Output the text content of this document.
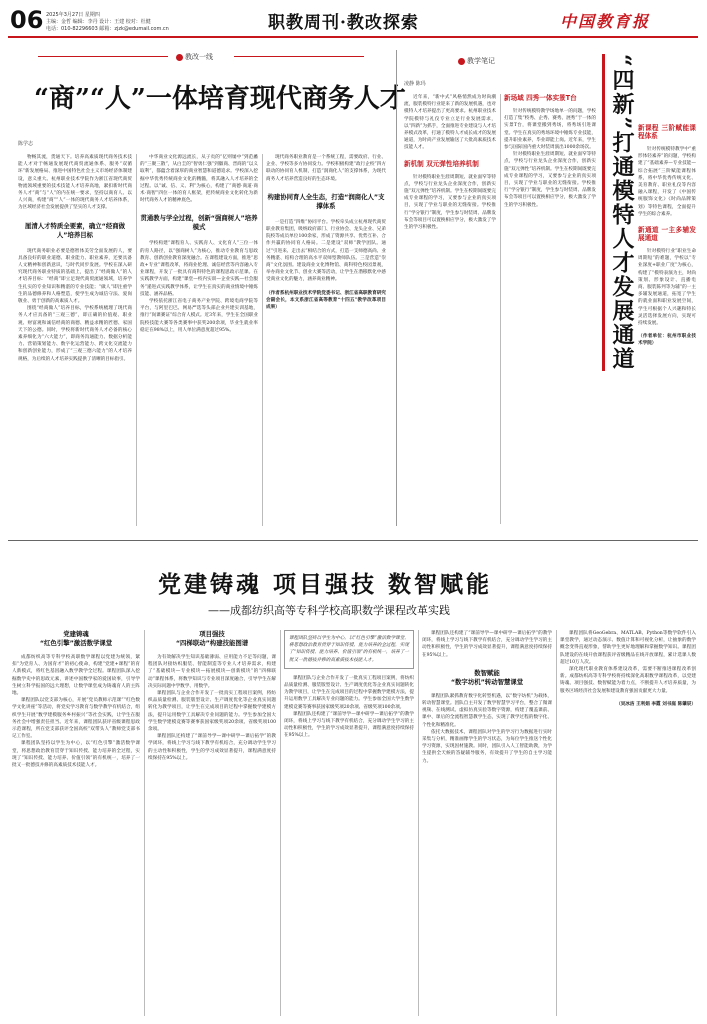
06 2025年3月27日 星期四
主编：金哲 编辑：李丹 设计：王建 校对：杜健
电话：010-82296603 邮箱：zjzk@edumail.com.cn	职教周刊·教改探索	中国教育报
教改一线
“商”“人”一体培育现代商务人才
陈学志
物畅其流，货通天下。培养高素质现代商务技术技能人才对于畅通发展现代商贸流通体系、服务“双循环”新发展格局、推进中国特色社会主义市场经济体制建设，意义重大。杭州职业技术学院作为浙江省现代商贸物流领域重要的技术技能人才培养高地，紧扣新时代商务人才“商”与“人”的内在统一要求，坚持以商育人、以人兴商，构建“商”“人”一体的现代商务人才培养体系，为区域经济社会发展提供了坚实的人才支撑。
厘清人才特质全要素，确立“经商做人”培养目标
现代商务职业必要是德智体美劳全面发展的人，要具备良好的职业道德、职业能力、职业素养，还要具备人文精神和创新意识，与时代同步发展。学校在深入研究现代商务职业特质的基础上，提出了“经商做人”的人才培养目标：“经商”即立足现代商贸流通领域，培养学生扎实的专业知识和精湛的专业技能；“做人”即注重学生的品德修养和人格塑造，使学生成为诚信守法、爱岗敬业、勇于创新的高素质人才。
围绕“经商做人”培养目标，学校系统梳理了现代商务人才应具备的“三观三德”，即正确的价值观、职业观、财富观和诚信经商的商德、精益求精的匠德、家国天下的公德。同时，学校将新时代商务人才必备的核心素养细化为“六大能力”，即商务沟通能力、数据分析能力、营销策划能力、数字化运营能力、跨文化交流能力和创新创业能力，形成了“三观三德六能力”的人才培养规格，为后续的人才培养实践提供了清晰的目标指引。
中华商业文化源远流长，从子贡的“亿则屡中”到范蠡的“三聚三散”，从白圭的“智勇仁强”到徽商、晋商的“以义取利”，都蕴含着深厚的商业智慧和道德追求。学校深入挖掘中华优秀传统商业文化的精髓，将其融入人才培养的全过程。以“诚、信、义、利”为核心，构建了“商德·商道·商术·商智”四位一体的育人框架，把传统商业文化转化为新时代商务人才的精神底色。
贯通教与学全过程，创新“强商树人”培养模式
学校构建“课程育人、实践育人、文化育人”三位一体的育人路径，以“强商树人”为核心，推动专业教育与思政教育、创新创业教育深度融合。在课程建设方面，推进“思政+专业”课程改革，将商业伦理、诚信经营等内容融入专业课程，开发了一批具有商科特色的课程思政示范课。在实践教学方面，构建“课堂—校内实训—企业实践—社会服务”递进式实践教学体系，让学生在真实的商业情境中锤炼技能、涵养品格。
学校依托浙江省电子商务产业学院、跨境电商学院等平台，与阿里巴巴、网易严选等头部企业共建实训基地，推行“岗课赛证”综合育人模式。近3年来，学生在全国职业院校技能大赛等各类赛事中获奖200余项，毕业生就业率稳定在98%以上，用人单位满意度超过95%。
现代商务职业教育是一个系统工程，需要政府、行业、企业、学校等多方协同发力。学校积极构建“政行企校”四方联动的协同育人机制，打造“润商化人”的支撑体系，为现代商务人才培养营造良好的生态环境。
构建协同育人全生态，打造“润商化人”支撑体系
一是打造“四维”协同平台。学校牵头成立杭州现代商贸职业教育集团，吸纳政府部门、行业协会、龙头企业、兄弟院校等成员单位100余家，形成了资源共享、优势互补、合作共赢的协同育人格局。二是建设“双师”教学团队。通过“引进来、走出去”相结合的方式，打造一支师德高尚、业务精湛、结构合理的高水平双师型教师队伍。三是营造“崇商”文化氛围。建设商业文化博物馆、商科特色校园景观，举办商业文化节、创业大赛等活动，让学生在潜移默化中感受商业文化的魅力，涵养商业精神。
（作者系杭州职业技术学院党委书记、浙江省高职教育研究会副会长，本文系浙江省高等教育“十四五”教学改革项目成果）
教学笔记
凌静 陈玛
近年来，“新中式”风格悄然成为时尚潮流，服装模特行业迎来了新的发展机遇，也对模特人才培养提出了更高要求。杭州职业技术学院模特与礼仪专业立足行业发展需求，以“四新”为抓手，全面推进专业建设与人才培养模式改革，打通了模特人才成长成才的发展通道，为时尚产业发展输送了大批高素质技术技能人才。
新机制 双元弹性培养机制
针对模特职业生涯周期短、就业面窄等特点，学校与行业龙头企业深度合作，创新实施“双元弹性”培养机制。学生在校期间既要完成专业课程的学习，又要参与企业的真实项目，实现了学业与职业的无缝衔接。学校推行“学分银行”制度，学生参与时装周、品牌发布会等项目可以置换相应学分，极大激发了学生的学习积极性。
新场域 四秀一体实景T台
针对传统模特教学场地单一的问题，学校打造了集“校秀、企秀、赛秀、展秀”于一体的实景T台，将课堂搬到秀场，将秀场引进课堂。学生在真实的秀场环境中锤炼专业技能，提升职业素养，毕业即能上岗。近年来，学生参与国际国内重大时装周演出1000余场次。
针对模特职业生涯周期短、就业面窄等特点，学校与行业龙头企业深度合作，创新实施“双元弹性”培养机制。学生在校期间既要完成专业课程的学习，又要参与企业的真实项目，实现了学业与职业的无缝衔接。学校推行“学分银行”制度，学生参与时装周、品牌发布会等项目可以置换相应学分，极大激发了学生的学习积极性。	“四新”打通模特人才发展通道 新课程 三阶赋能课程体系
针对传统模特教学中“重形体轻素养”的问题，学校构建了“基础素养—专业技能—综合拓展”三阶赋能课程体系，将中华优秀传统文化、美育教育、职业礼仪等内容融入课程，开发了《中国传统服饰文化》《时尚品牌策划》等特色课程，全面提升学生的综合素养。
新通道 一主多辅发展通道
针对模特行业“职业生命周期短”的难题，学校以“专业深度+职业广度”为核心，构建了“模特表演为主，时尚策划、形象设计、直播电商、服装陈列等为辅”的一主多辅发展通道，拓宽了学生的就业面和职业发展空间，学生可根据个人兴趣和特长灵活选择发展方向，实现可持续发展。
（作者单位：杭州市职业技术学院）
党建铸魂 项目强技 数智赋能
——成都纺织高等专科学校高职数学课程改革实践
党建铸魂
“红色引擎”激活数学课堂
成都纺织高等专科学校高职数学课程以党建为统领，紧扣“为党育人、为国育才”的初心使命，构建“党建+课程”的育人新模式，将红色基因融入数学教学全过程。课程团队深入挖掘数学史中的思政元素，讲述中国数学家的爱国故事，引导学生树立科学报国的远大理想，让数学课堂成为铸魂育人的主阵地。
课程团队以党支部为核心，开展“党员教师示范课”“红色数学文化讲座”等活动，将党史学习教育与数学教学有机结合，组织学生开展“数学建模服务乡村振兴”等社会实践，让学生在服务社会中增强责任担当。近年来，课程团队获评省级课程思政示范课程，所在党支部获评全国高校“双带头人”教师党支部书记工作室。
课程团队坚持以学生为中心，以“红色引擎”激活数学课堂，将思想政治教育贯穿于知识传授、能力培养的全过程，实现了“知识传授、能力培养、价值引领”的有机统一，培养了一批又一批德技并修的高素质技术技能人才。
项目强技
“四梯联动”构建技能图谱
为有效解决学生知识基础薄弱、应用能力不足等问题，课程团队对接纺织服装、智能制造等专业人才培养需求，构建了“基础模块—专业模块—拓展模块—创新模块”的“四梯联动”课程体系，将数学知识与专业项目深度融合，引导学生在解决实际问题中学数学、用数学。
课程团队与企业合作开发了一批真实工程项目案例，将纺织品质量检测、服装版型设计、生产调度优化等企业真实问题转化为教学项目，让学生在完成项目的过程中掌握数学建模方法，提升运用数学工具解决专业问题的能力。学生参加全国大学生数学建模竞赛等赛事获国家级奖项20余项、省级奖项100余项。
课程团队还构建了“课前导学—课中研学—课后拓学”的教学闭环，将线上学习与线下教学有机结合，充分调动学生学习的主动性和积极性，学生的学习成效显著提升，课程满意度持续保持在95%以上。
课程团队坚持以学生为中心，以“红色引擎”激活数学课堂，将思想政治教育贯穿于知识传授、能力培养的全过程，实现了“知识传授、能力培养、价值引领”的有机统一，培养了一批又一批德技并修的高素质技术技能人才。
课程团队与企业合作开发了一批真实工程项目案例，将纺织品质量检测、服装版型设计、生产调度优化等企业真实问题转化为教学项目，让学生在完成项目的过程中掌握数学建模方法，提升运用数学工具解决专业问题的能力。学生参加全国大学生数学建模竞赛等赛事获国家级奖项20余项、省级奖项100余项。
课程团队还构建了“课前导学—课中研学—课后拓学”的教学闭环，将线上学习与线下教学有机结合，充分调动学生学习的主动性和积极性，学生的学习成效显著提升，课程满意度持续保持在95%以上。
课程团队还构建了“课前导学—课中研学—课后拓学”的教学闭环，将线上学习与线下教学有机结合，充分调动学生学习的主动性和积极性，学生的学习成效显著提升，课程满意度持续保持在95%以上。
数智赋能
“数字坊机”转动智慧课堂
课程团队紧抓教育数字化转型机遇，以“数字坊机”为载体，转动智慧课堂。团队自主开发了数学智慧学习平台，整合了微课视频、在线测试、虚拟仿真实验等数字资源，构建了覆盖课前、课中、课后的全流程智慧教学生态，实现了教学过程的数字化、个性化和精准化。
依托大数据技术，课程团队对学生的学习行为数据进行实时采集与分析，精准画像学生的学习状态，为每位学生推送个性化学习资源，实现因材施教。同时，团队引入人工智能助教，为学生提供全天候的答疑辅导服务，有效提升了学生的自主学习能力。
课程团队将GeoGebra、MATLAB、Python等数学软件引入课堂教学，通过动态演示、数值计算和可视化分析，让抽象的数学概念变得直观形象，帮助学生更好地理解和掌握数学知识。课程团队建设的在线开放课程获评省级精品在线开放课程，累计选课人数超过10万人次。
深化现代职业教育体系建设改革，需要不断推进课程改革创新。成都纺织高等专科学校将持续深化高职数学课程改革，以党建铸魂、项目强技、数智赋能为着力点，不断提升人才培养质量，为服务区域经济社会发展和建设教育强国贡献更大力量。
（吴冰洁 王利娟 李霞 刘书庭 陈肇辰）
